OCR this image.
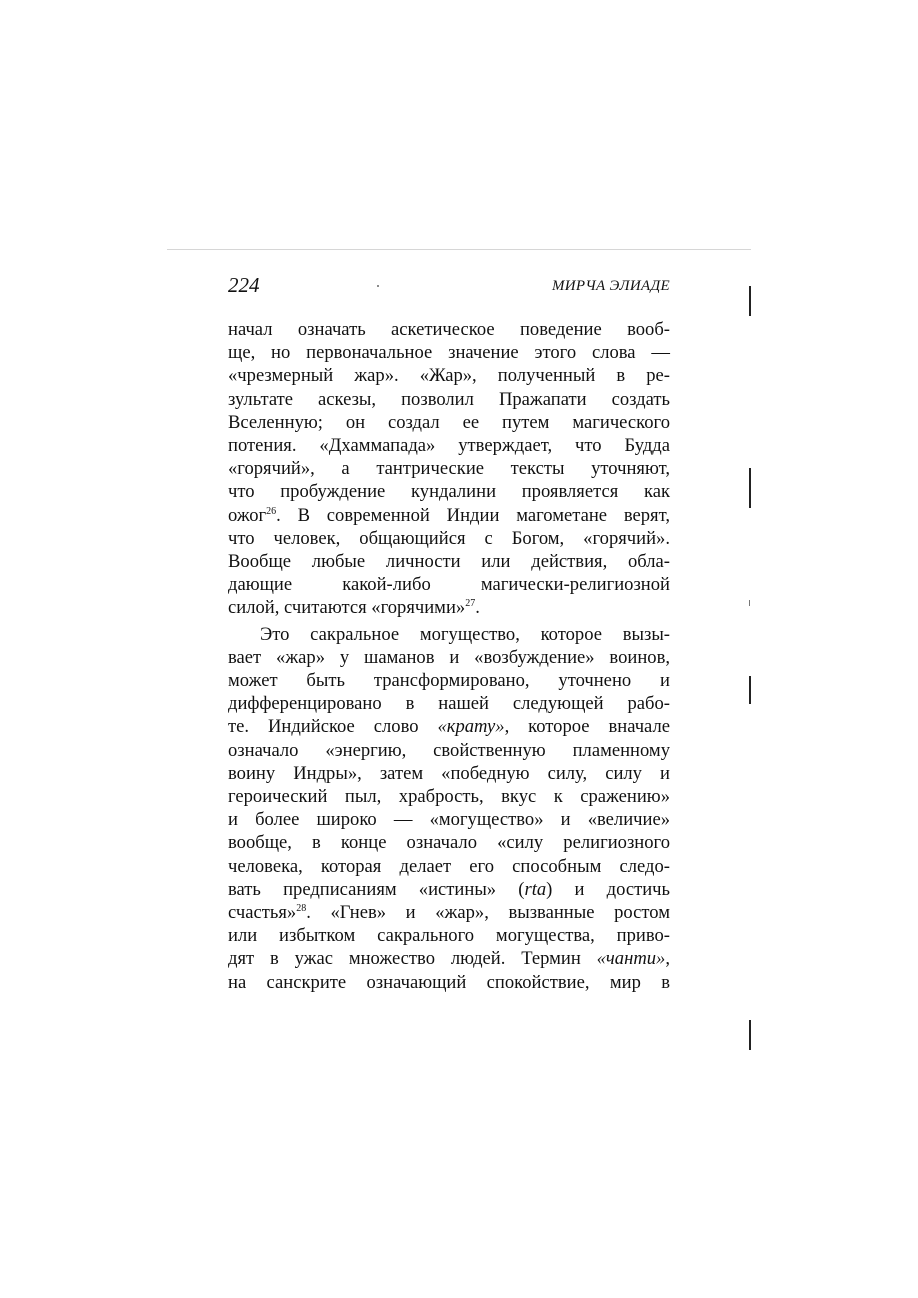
224	МИРЧА ЭЛИАДЕ

начал означать аскетическое поведение вооб-
ще, но первоначальное значение этого слова —
«чрезмерный жар». «Жар», полученный в ре-
зультате аскезы, позволил Пражапати создать
Вселенную; он создал ее путем магического
потения. «Дхаммапада» утверждает, что Будда
«горячий», а тантрические тексты уточняют,
что пробуждение кундалини проявляется как
ожог$^{26}$. В современной Индии магометане верят,
что человек, общающийся с Богом, «горячий».
Вообще любые личности или действия, обла-
дающие какой-либо магически-религиозной
силой, считаются «горячими»$^{27}$.

Это сакральное могущество, которое вызы-
вает «жар» у шаманов и «возбуждение» воинов,
может быть трансформировано, уточнено и
дифференцировано в нашей следующей рабо-
те. Индийское слово «крату», которое вначале
означало «энергию, свойственную пламенному
воину Индры», затем «победную силу, силу и
героический пыл, храбрость, вкус к сражению»
и более широко — «могущество» и «величие»
вообще, в конце означало «силу религиозного
человека, которая делает его способным следо-
вать предписаниям «истины» (rta) и достичь
счастья»$^{28}$. «Гнев» и «жар», вызванные ростом
или избытком сакрального могущества, приво-
дят в ужас множество людей. Термин «чанти»,
на санскрите означающий спокойствие, мир в
